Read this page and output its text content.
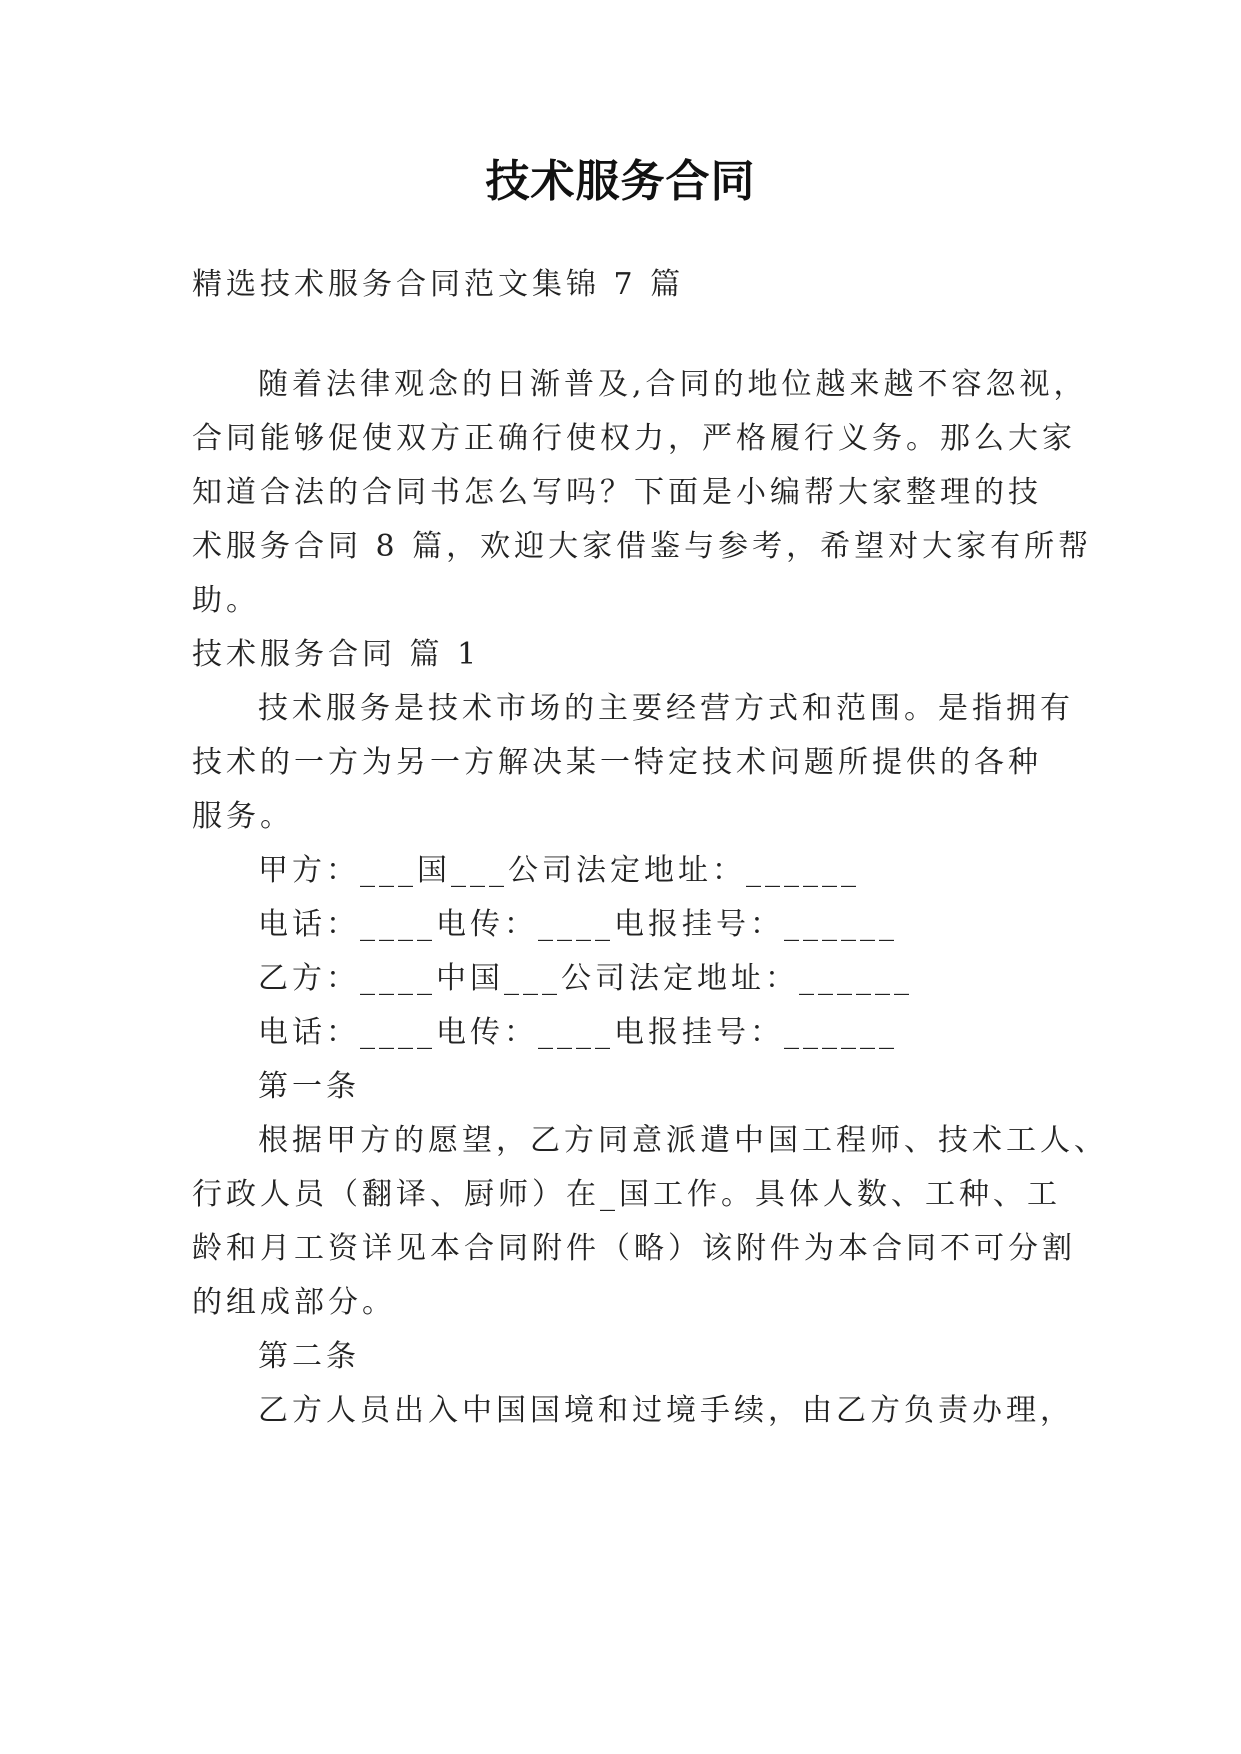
技术服务合同
精选技术服务合同范文集锦 7 篇
随着法律观念的日渐普及,合同的地位越来越不容忽视，
合同能够促使双方正确行使权力，严格履行义务。那么大家
知道合法的合同书怎么写吗？下面是小编帮大家整理的技
术服务合同 8 篇，欢迎大家借鉴与参考，希望对大家有所帮
助。
技术服务合同 篇 1
技术服务是技术市场的主要经营方式和范围。是指拥有
技术的一方为另一方解决某一特定技术问题所提供的各种
服务。
甲方：___国___公司法定地址：______
电话：____电传：____电报挂号：______
乙方：____中国___公司法定地址：______
电话：____电传：____电报挂号：______
第一条
根据甲方的愿望，乙方同意派遣中国工程师、技术工人、
行政人员（翻译、厨师）在_国工作。具体人数、工种、工
龄和月工资详见本合同附件（略）该附件为本合同不可分割
的组成部分。
第二条
乙方人员出入中国国境和过境手续，由乙方负责办理，
